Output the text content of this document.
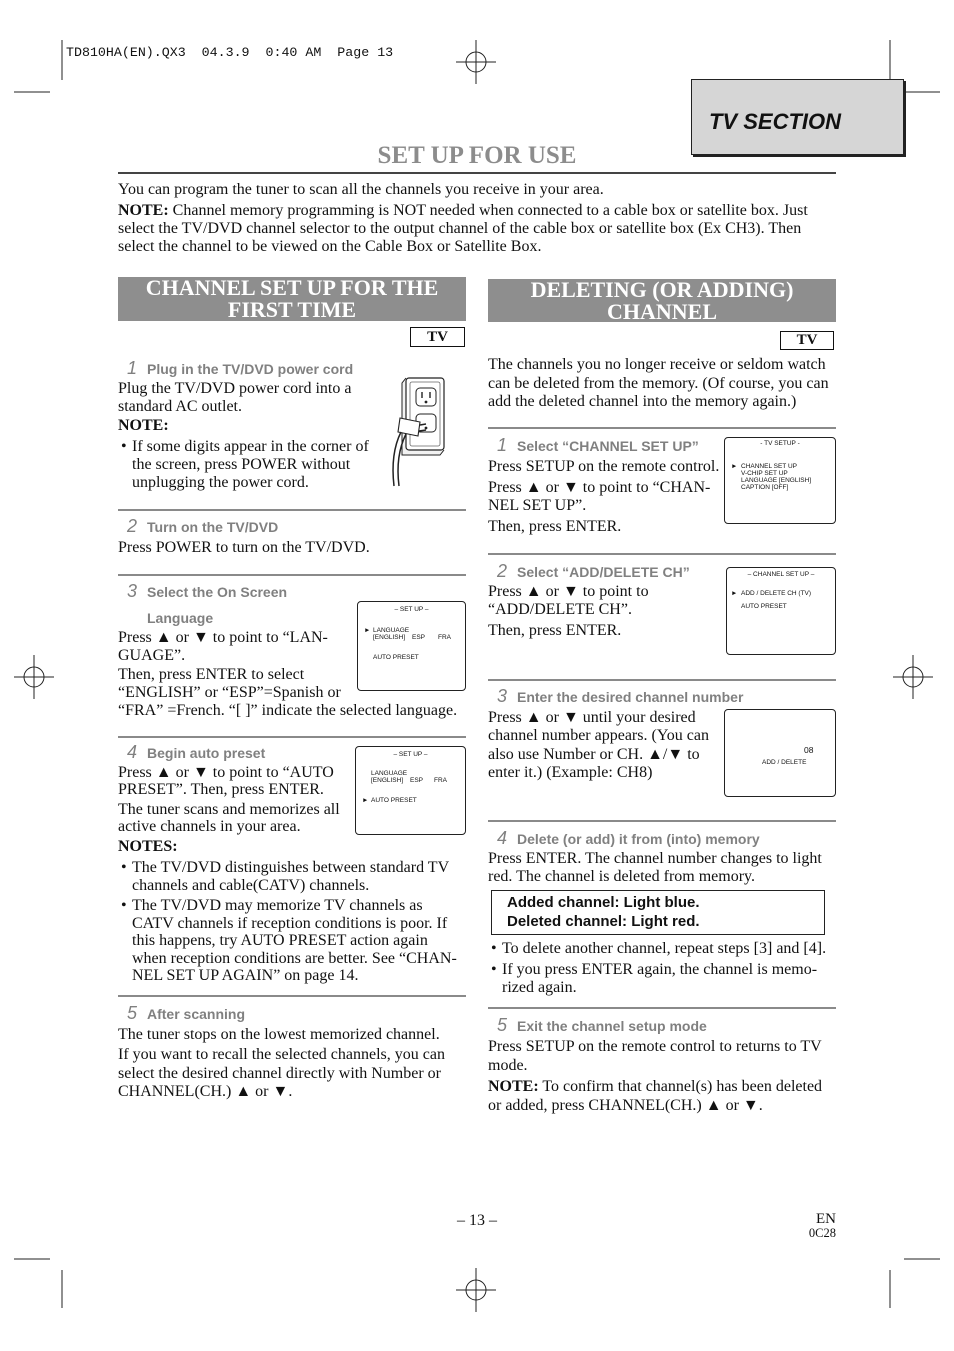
TD810HA(EN).QX3  04.3.9  0:40 AM  Page 13
TV SECTION
SET UP FOR USE
You can program the tuner to scan all the channels you receive in your area.
NOTE: Channel memory programming is NOT needed when connected to a cable box or satellite box. Just
select the TV/DVD channel selector to the output channel of the cable box or satellite box (Ex CH3). Then
select the channel to be viewed on the Cable Box or Satellite Box.
CHANNEL SET UP FOR THE
FIRST TIME
TV
1 Plug in the TV/DVD power cord
Plug the TV/DVD power cord into a
standard AC outlet.
NOTE:
• If some digits appear in the corner of
the screen, press POWER without
unplugging the power cord.
2 Turn on the TV/DVD
Press POWER to turn on the TV/DVD.
3 Select the On Screen
Language
Press ▲ or ▼ to point to “LAN-
GUAGE”.
Then, press ENTER to select
“ENGLISH” or “ESP”=Spanish or
“FRA” =French. “[ ]” indicate the selected language.
– SET UP –
► LANGUAGE
[ENGLISH] ESP FRA
AUTO PRESET
4 Begin auto preset
Press ▲ or ▼ to point to “AUTO
PRESET”. Then, press ENTER.
The tuner scans and memorizes all
active channels in your area.
NOTES:
• The TV/DVD distinguishes between standard TV
channels and cable(CATV) channels.
• The TV/DVD may memorize TV channels as
CATV channels if reception conditions is poor. If
this happens, try AUTO PRESET action again
when reception conditions are better. See “CHAN-
NEL SET UP AGAIN” on page 14.
– SET UP –
LANGUAGE
[ENGLISH] ESP FRA
► AUTO PRESET
5 After scanning
The tuner stops on the lowest memorized channel.
If you want to recall the selected channels, you can
select the desired channel directly with Number or
CHANNEL(CH.) ▲ or ▼.
DELETING (OR ADDING)
CHANNEL
TV
The channels you no longer receive or seldom watch
can be deleted from the memory. (Of course, you can
add the deleted channel into the memory again.)
1 Select “CHANNEL SET UP”
Press SETUP on the remote control.
Press ▲ or ▼ to point to “CHAN-
NEL SET UP”.
Then, press ENTER.
- TV SETUP -
► CHANNEL SET UP
V-CHIP SET UP
LANGUAGE [ENGLISH]
CAPTION [OFF]
2 Select “ADD/DELETE CH”
Press ▲ or ▼ to point to
“ADD/DELETE CH”.
Then, press ENTER.
– CHANNEL SET UP –
► ADD / DELETE CH (TV)
AUTO PRESET
3 Enter the desired channel number
Press ▲ or ▼ until your desired
channel number appears. (You can
also use Number or CH. ▲/▼ to
enter it.) (Example: CH8)
08
ADD / DELETE
4 Delete (or add) it from (into) memory
Press ENTER. The channel number changes to light
red. The channel is deleted from memory.
Added channel: Light blue.
Deleted channel: Light red.
• To delete another channel, repeat steps [3] and [4].
• If you press ENTER again, the channel is memo-
rized again.
5 Exit the channel setup mode
Press SETUP on the remote control to returns to TV
mode.
NOTE: To confirm that channel(s) has been deleted
or added, press CHANNEL(CH.) ▲ or ▼.
– 13 –	EN
0C28
